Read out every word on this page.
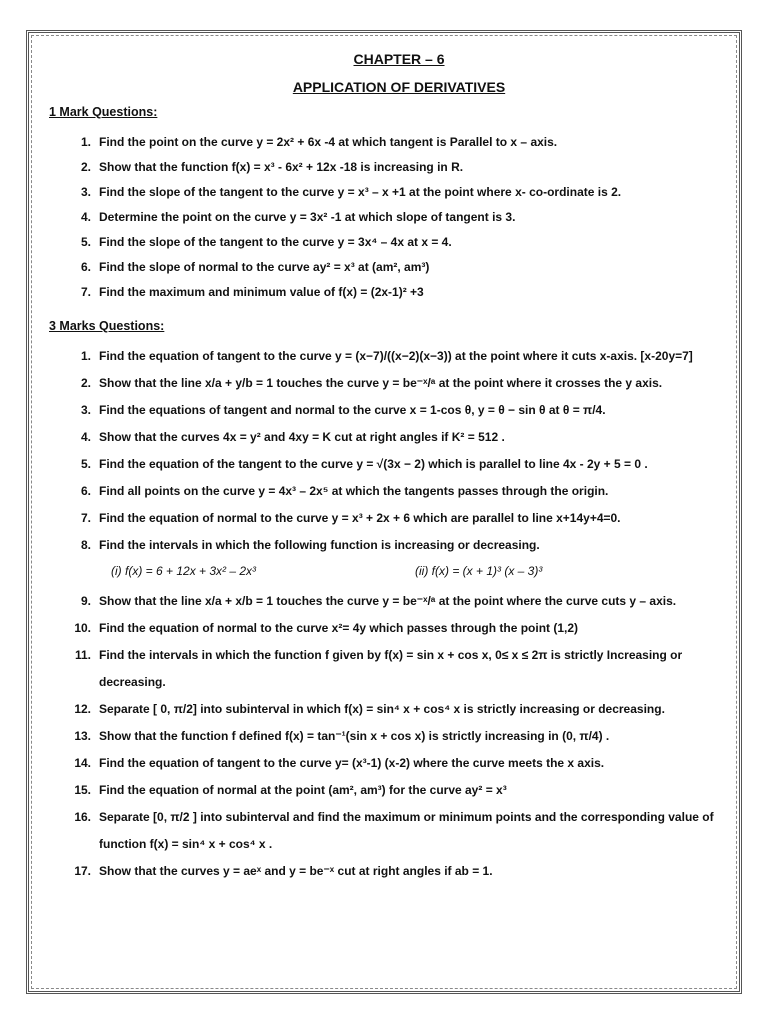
CHAPTER – 6
APPLICATION OF DERIVATIVES
1 Mark Questions:
1. Find the point on the curve y = 2x² + 6x -4 at which tangent is Parallel to x – axis.
2. Show that the function f(x) = x³ - 6x² + 12x -18 is increasing in R.
3. Find the slope of the tangent to the curve y = x³ – x +1 at the point where x- co-ordinate is 2.
4. Determine the point on the curve y = 3x² -1 at which slope of tangent is 3.
5. Find the slope of the tangent to the curve y = 3x⁴ – 4x at x = 4.
6. Find the slope of normal to the curve ay² = x³ at (am², am³)
7. Find the maximum and minimum value of f(x) = (2x-1)² +3
3 Marks Questions:
1. Find the equation of tangent to the curve y = (x−7)/((x−2)(x−3)) at the point where it cuts x-axis. [x-20y=7]
2. Show that the line x/a + y/b = 1 touches the curve y = be⁻ˣ/ᵃ at the point where it crosses the y axis.
3. Find the equations of tangent and normal to the curve x = 1-cos θ, y = θ − sin θ at θ = π/4.
4. Show that the curves 4x = y² and 4xy = K cut at right angles if K² = 512 .
5. Find the equation of the tangent to the curve y = √(3x − 2) which is parallel to line 4x - 2y + 5 = 0 .
6. Find all points on the curve y = 4x³ – 2x⁵ at which the tangents passes through the origin.
7. Find the equation of normal to the curve y = x³ + 2x + 6 which are parallel to line x+14y+4=0.
8. Find the intervals in which the following function is increasing or decreasing.
(i) f(x) = 6 + 12x + 3x² – 2x³	(ii) f(x) = (x + 1)³ (x – 3)³
9. Show that the line x/a + x/b = 1 touches the curve y = be⁻ˣ/ᵃ at the point where the curve cuts y – axis.
10. Find the equation of normal to the curve x²= 4y which passes through the point (1,2)
11. Find the intervals in which the function f given by f(x) = sin x + cos x, 0≤ x ≤ 2π is strictly Increasing or
decreasing.
12. Separate [ 0, π/2] into subinterval in which f(x) = sin⁴ x + cos⁴ x is strictly increasing or decreasing.
13. Show that the function f defined f(x) = tan⁻¹(sin x + cos x) is strictly increasing in (0, π/4) .
14. Find the equation of tangent to the curve y= (x³-1) (x-2) where the curve meets the x axis.
15. Find the equation of normal at the point (am², am³) for the curve ay² = x³
16. Separate [0, π/2 ] into subinterval and find the maximum or minimum points and the corresponding value of
function f(x) = sin⁴ x + cos⁴ x .
17. Show that the curves y = aeˣ and y = be⁻ˣ cut at right angles if ab = 1.
